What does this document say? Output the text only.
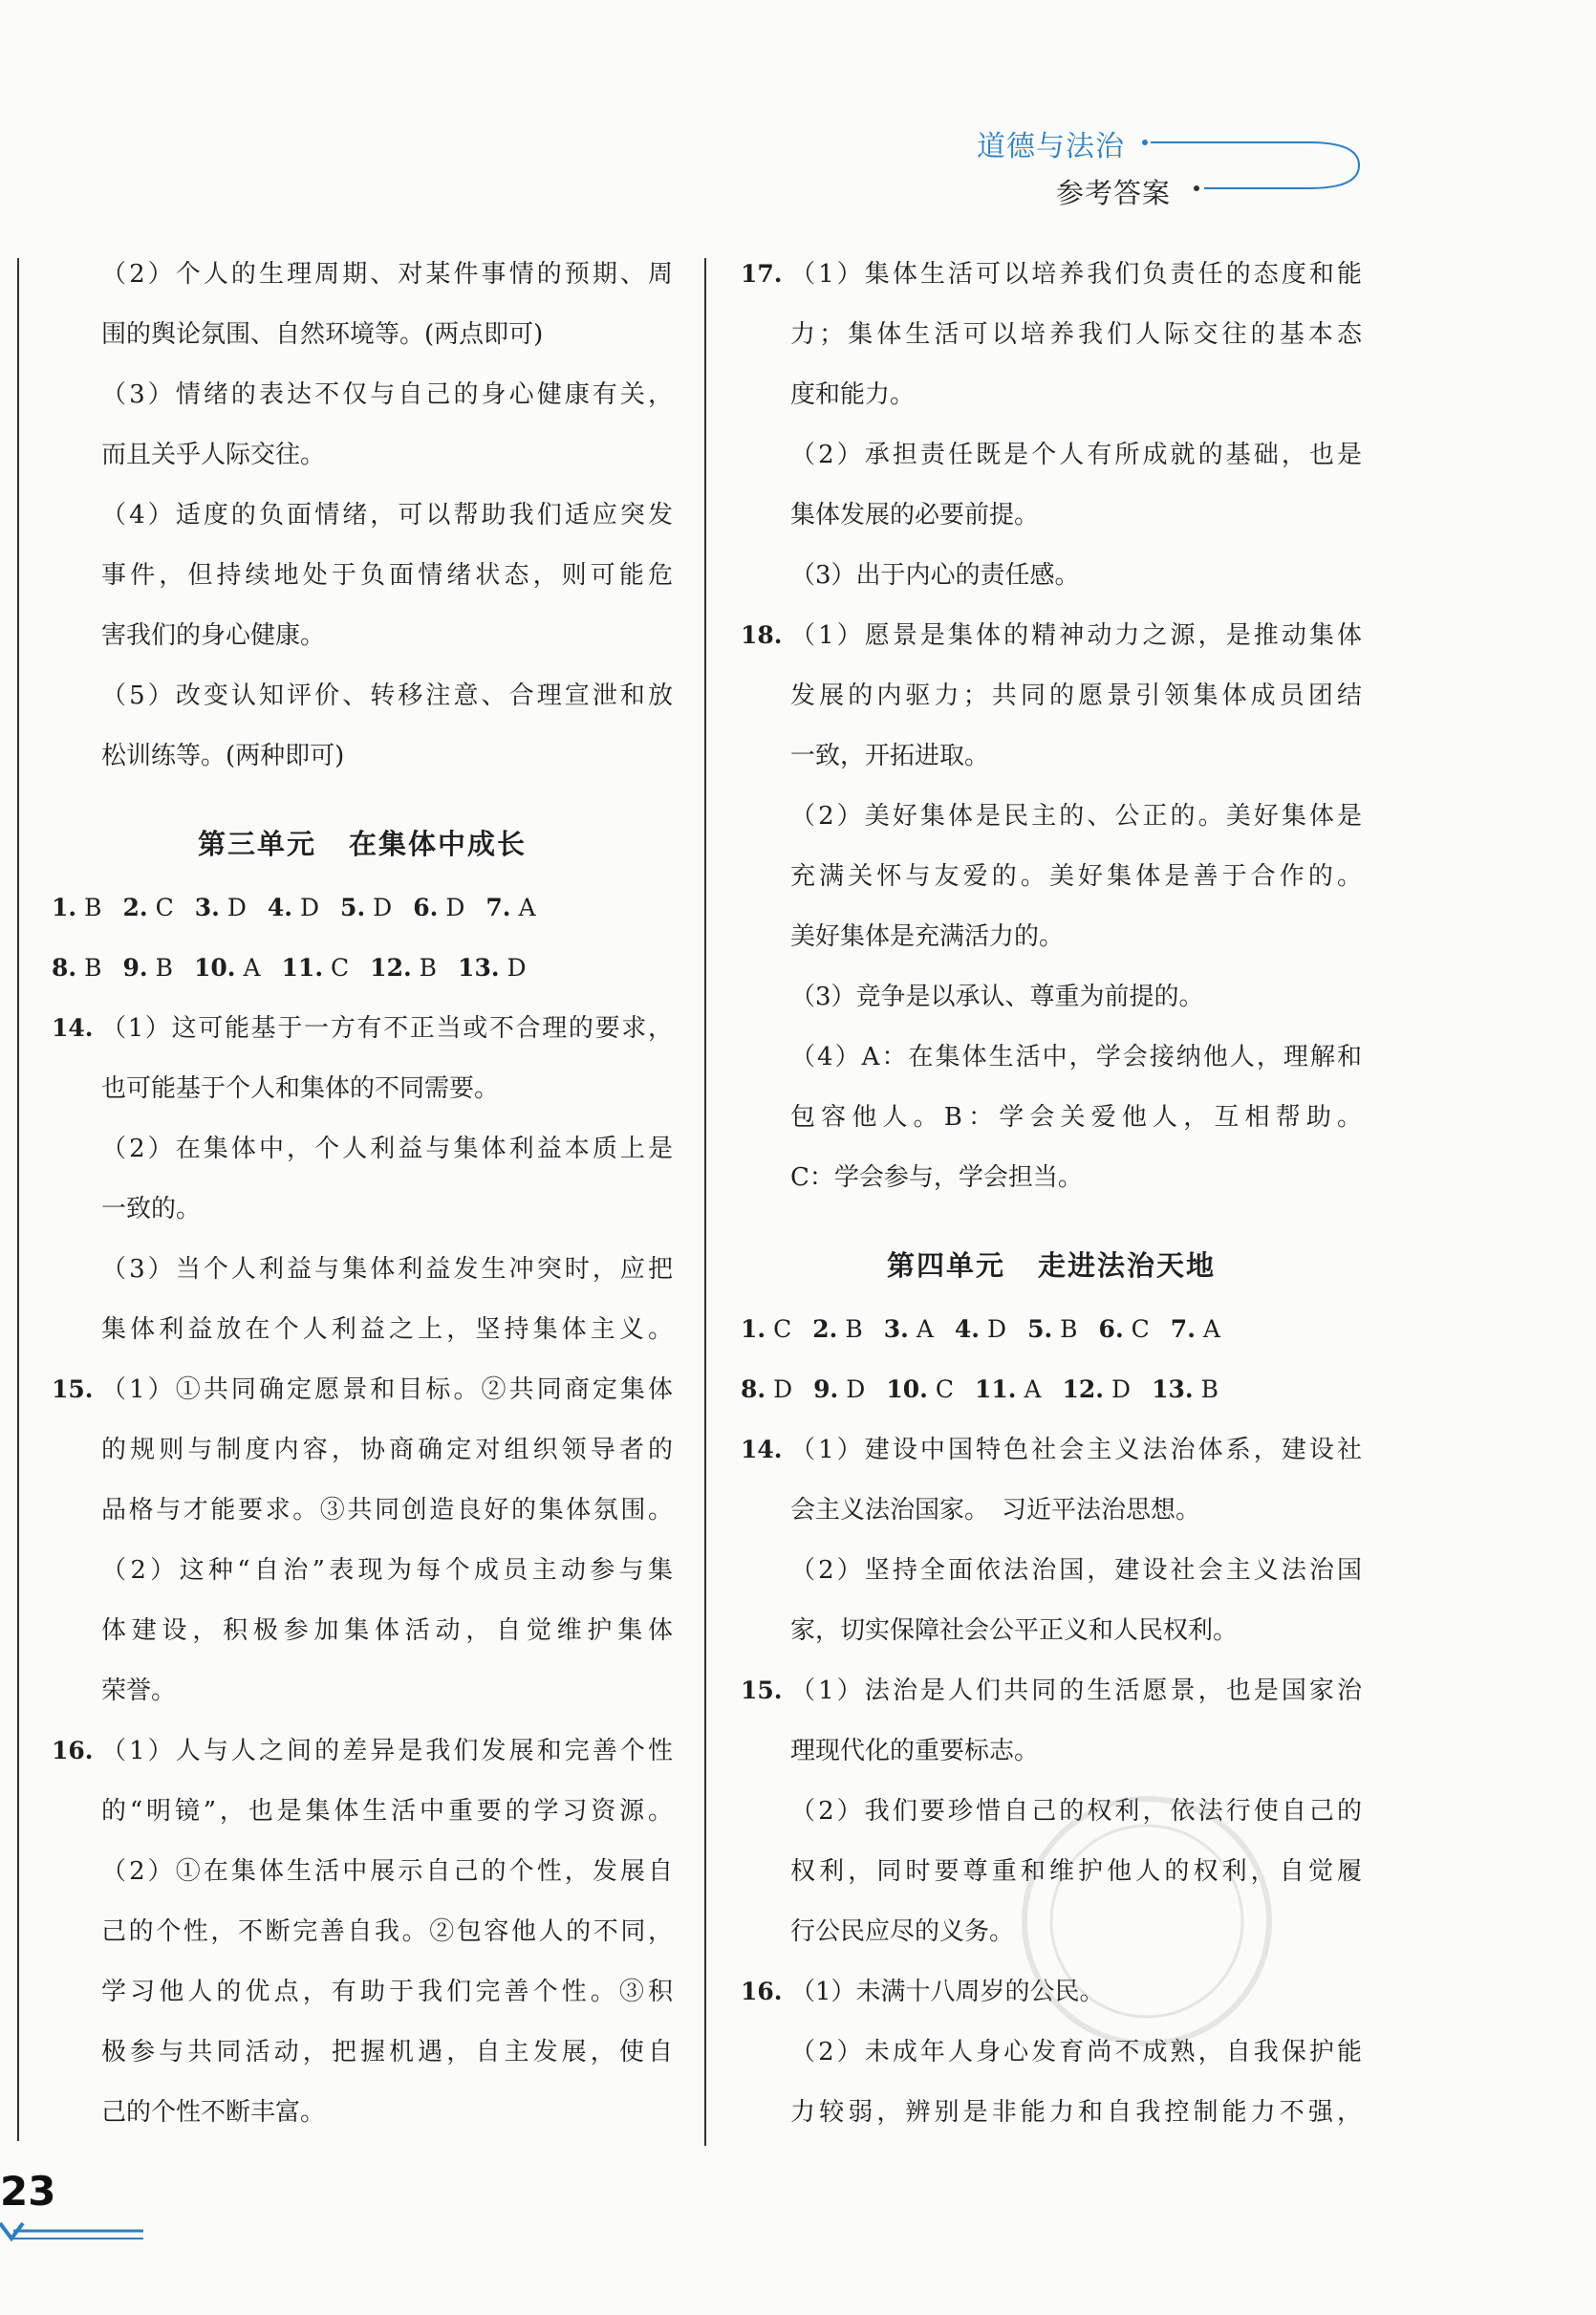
道德与法治
参考答案
（2）个人的生理周期、对某件事情的预期、周
围的舆论氛围、自然环境等。(两点即可)
（3）情绪的表达不仅与自己的身心健康有关，
而且关乎人际交往。
（4）适度的负面情绪，可以帮助我们适应突发
事件，但持续地处于负面情绪状态，则可能危
害我们的身心健康。
（5）改变认知评价、转移注意、合理宣泄和放
松训练等。(两种即可)
第三单元 在集体中成长
1. B 2. C 3. D 4. D 5. D 6. D 7. A
8. B 9. B 10. A 11. C 12. B 13. D
14. （1）这可能基于一方有不正当或不合理的要求，
也可能基于个人和集体的不同需要。
（2）在集体中，个人利益与集体利益本质上是
一致的。
（3）当个人利益与集体利益发生冲突时，应把
集体利益放在个人利益之上，坚持集体主义。
15. （1）①共同确定愿景和目标。②共同商定集体
的规则与制度内容，协商确定对组织领导者的
品格与才能要求。③共同创造良好的集体氛围。
（2）这种“自治”表现为每个成员主动参与集
体建设，积极参加集体活动，自觉维护集体
荣誉。
16. （1）人与人之间的差异是我们发展和完善个性
的“明镜”，也是集体生活中重要的学习资源。
（2）①在集体生活中展示自己的个性，发展自
己的个性，不断完善自我。②包容他人的不同，
学习他人的优点，有助于我们完善个性。③积
极参与共同活动，把握机遇，自主发展，使自
己的个性不断丰富。
17. （1）集体生活可以培养我们负责任的态度和能
力；集体生活可以培养我们人际交往的基本态
度和能力。
（2）承担责任既是个人有所成就的基础，也是
集体发展的必要前提。
（3）出于内心的责任感。
18. （1）愿景是集体的精神动力之源，是推动集体
发展的内驱力；共同的愿景引领集体成员团结
一致，开拓进取。
（2）美好集体是民主的、公正的。美好集体是
充满关怀与友爱的。美好集体是善于合作的。
美好集体是充满活力的。
（3）竞争是以承认、尊重为前提的。
（4）A：在集体生活中，学会接纳他人，理解和
包容他人。B：学会关爱他人，互相帮助。
C：学会参与，学会担当。
第四单元 走进法治天地
1. C 2. B 3. A 4. D 5. B 6. C 7. A
8. D 9. D 10. C 11. A 12. D 13. B
14. （1）建设中国特色社会主义法治体系，建设社
会主义法治国家。　习近平法治思想。
（2）坚持全面依法治国，建设社会主义法治国
家，切实保障社会公平正义和人民权利。
15. （1）法治是人们共同的生活愿景，也是国家治
理现代化的重要标志。
（2）我们要珍惜自己的权利，依法行使自己的
权利，同时要尊重和维护他人的权利，自觉履
行公民应尽的义务。
16. （1）未满十八周岁的公民。
（2）未成年人身心发育尚不成熟，自我保护能
力较弱，辨别是非能力和自我控制能力不强，
23
